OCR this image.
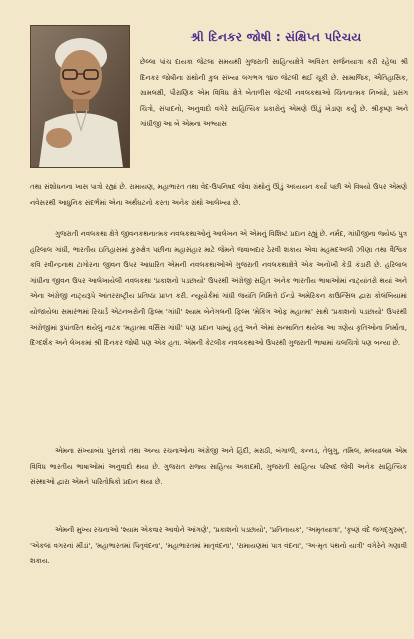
શ્રી દિનકર જોષી : સંક્ષિપ્ત પરિચય

છેલ્લા પાંચ દાયકા જેટલા સમયથી ગુજરાતી સાહિત્યક્ષેત્રે અવિરત સર્જનયાત્રા કરી રહેલા શ્રી દિનકર જોષીના ગ્રંથોની કુલ સંખ્યા લગભગ ૧૪૦ જેટલી થઈ ચૂકી છે. સામાજિક, ઐતિહાસિક, ગ્રામલક્ષી, પૌરાણિક એમ વિવિધ ક્ષેત્રે બેતાળીસ જેટલી નવલકથાઓ ચિંતનાત્મક નિબંધો, પ્રસંગ ચિત્રો, સંપાદનો, અનુવાદો વગેરે સાહિત્યિક પ્રકારોનું એમણે ઊંડું ખેડાણ કર્યું છે. શ્રીકૃષ્ણ અને ગાંધીજી આ બે એમના અભ્યાસ

તથા સંશોધનના ખાસ પાત્રો રહ્યાં છે. રામાયણ, મહાભારત તથા વેદ-ઉપનિષદ જેવા ગ્રંથોનું ઊંડું અધ્યયન કર્યા પછી એ વિષયો ઉપર એમણે નવેસરથી આધુનિક સંદર્ભમાં એના અર્થઘટનો કરતા અનેક ગ્રંથો આલેખ્યા છે.

ગુજરાતી નવલકથા ક્ષેત્રે જીવનકથનાત્મક નવલકથાઓનું આલેખન એ એમનું વિશિષ્ટ પ્રદાન રહ્યું છે. નર્મદ, ગાંધીજીના જ્યેષ્ઠ પુત્ર હરિલાલ ગાંધી, ભારતીય ઇતિહાસમાં કુરુક્ષેત્ર પછીના મહાસંહાર માટે જેમને જવાબદાર ઠેરવી શકાય એવા મહમદઅલી ઝીણા તથા વૈશ્વિક કવિ રવીન્દ્રનાથ ટાગોરના જીવન ઉપર આધારિત એમની નવલકથાઓએ ગુજરાતી નવલકથાક્ષેત્રે એક અનોખી કેડી કંડારી છે. હરિલાલ ગાંધીના જીવન ઉપર આલેખાયેલી નવલકથા 'પ્રકાશનો પડછાયો' ઉપરથી અંગ્રેજી સહિત અનેક ભારતીય ભાષાઓમાં નાટ્યાંતરો થયાં અને એના અંગ્રેજી નાટ્યરૂપે આંતરરાષ્ટ્રીય પ્રતિષ્ઠા પ્રાપ્ત કરી. ન્યૂયોર્કમાં ગાંધી જયંતિ નિમિત્તે ઈન્ડો અમેરિકન કાઉન્સિલ દ્વારા કોલંબિયામાં યોજાયેલા સમારંભમાં રિચાર્ડ એટનબરોની ફિલ્મ 'ગાંધી' શ્યામ બેનેગલની ફિલ્મ 'મેકિંગ ઓફ મહાત્મા' સાથે 'પ્રકાશનો પડછાયો' ઉપરથી અંગ્રેજીમાં રૂપાંતરિત થયેલું નાટક 'મહાત્મા વર્સિસ ગાંધી' પણ પ્રદાન પામ્યું હતું અને એમાં સન્માનિત થયેલા આ ત્રણેય કૃતિઓના નિર્માતા, દિગ્દર્શક અને લેખકમાં શ્રી દિનકર જોષી પણ એક હતા. એમની કેટલીક નવલકથાઓ ઉપરથી ગુજરાતી ભાષામાં ચલચિત્રો પણ બન્યા છે.

એમના સંખ્યાબંધ પુસ્તકો તથા અન્ય રચનાઓના અંગ્રેજી અને હિંદી, મરાઠી, બંગાળી, કન્નડ, તેલુગુ, તમિલ, મલયાલમ એમ વિવિધ ભારતીય ભાષાઓમાં અનુવાદો થયા છે. ગુજરાત રાજ્ય સાહિત્ય અકાદમી, ગુજરાતી સાહિત્ય પરિષદ જેવી અનેક સાહિત્યિક સંસ્થાઓ દ્વારા એમને પારિતોષિકો પ્રદાન થયા છે.

એમની મુખ્ય રચનાઓ 'શ્યામ એકવાર આવોને આંગણે', 'પ્રકાશનો પડછાયો', 'પ્રતિનાયક', 'અમૃતયાત્રા', 'કૃષ્ણં વંદે જગદ્ગુરુમ્', 'એકલાં વગરનાં મીંડાં', 'મહાભારતમાં પિતૃવંદના', 'મહાભારતમાં માતૃવંદના', 'રામાયણમાં પાત્ર વંદના', 'અ-મૃત પંથનો યાત્રી' વગેરેને ગણાવી શકાય.
